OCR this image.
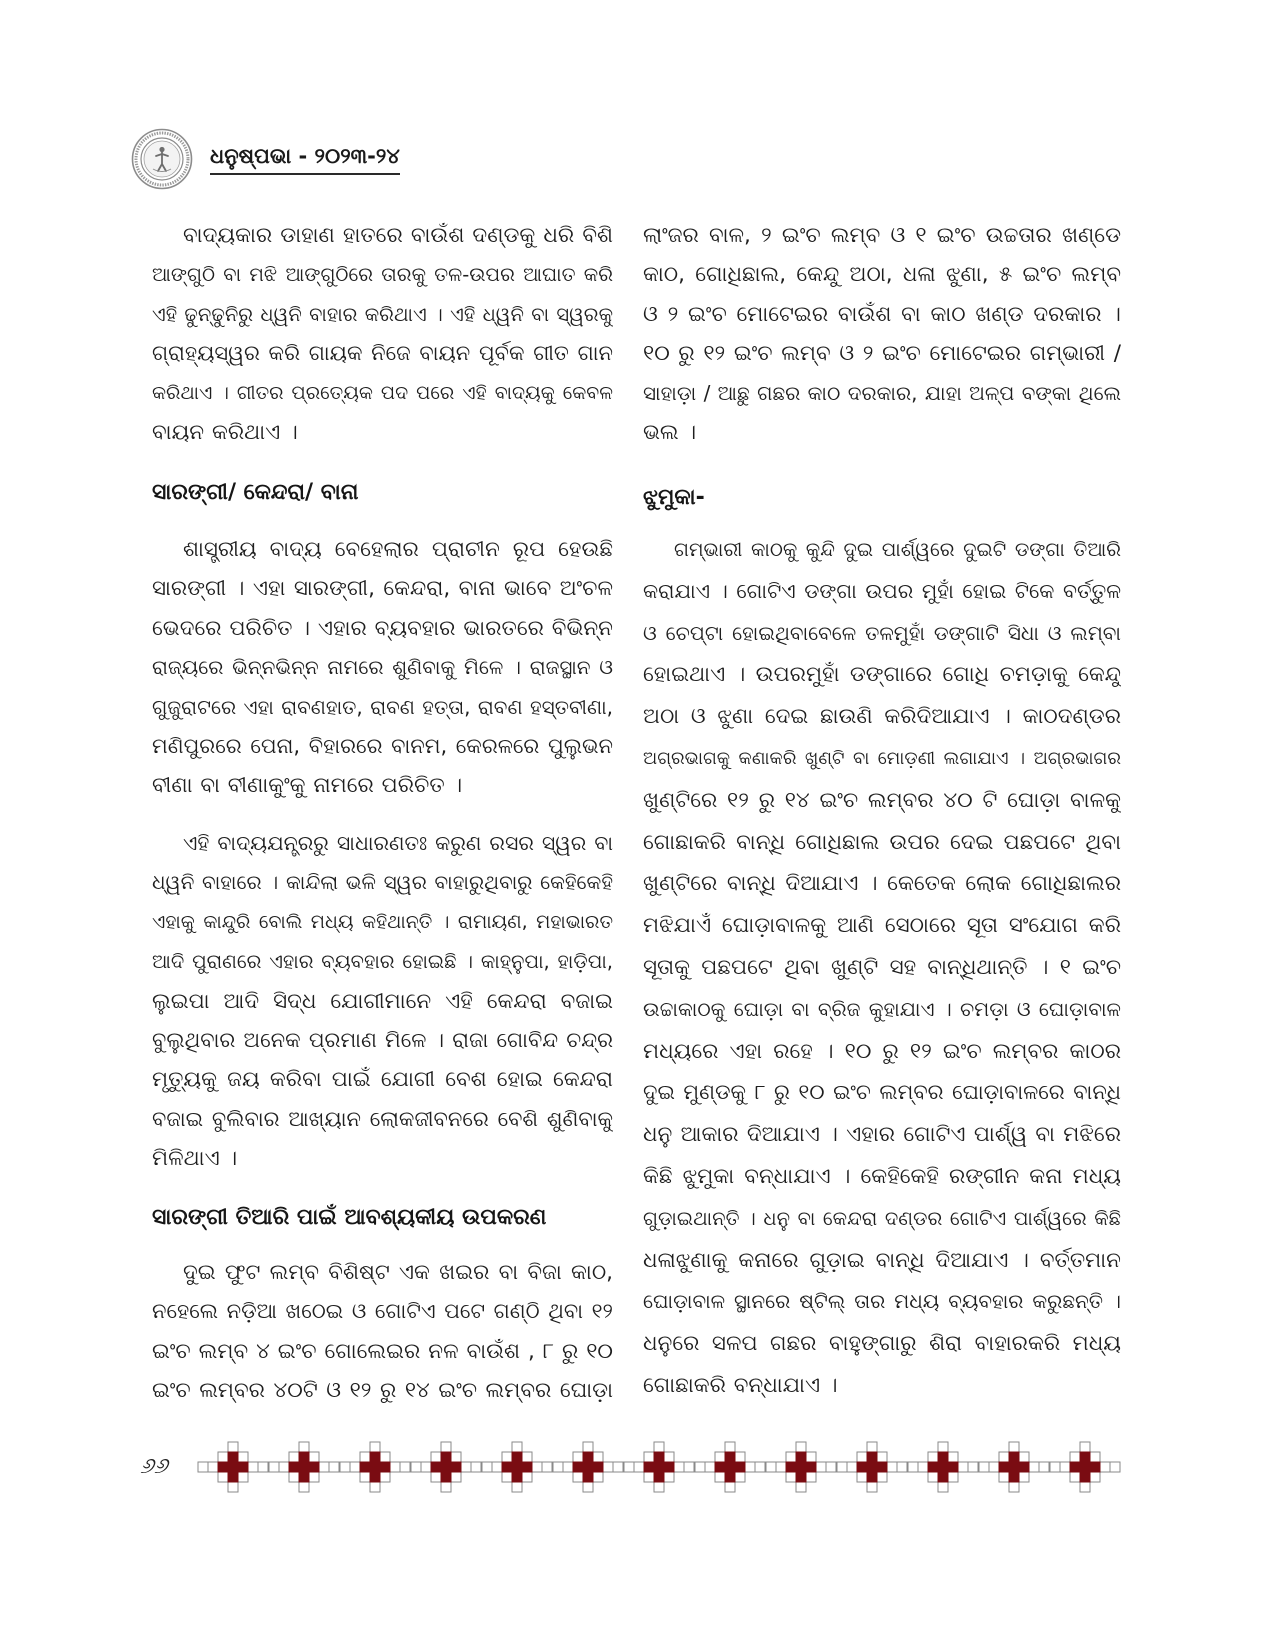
ଧନୁଷ୍ପଭା - ୨୦୨୩-୨୪
ବାଦ୍ୟକାର ଡାହାଣ ହାତରେ ବାଉଁଶ ଦଣ୍ଡକୁ ଧରି ବିଶି
ଆଙ୍ଗୁଠି ବା ମଝି ଆଙ୍ଗୁଠିରେ ତାରକୁ ତଳ-ଉପର ଆଘାତ କରି
ଏହି ଢୁନ୍‌ଢୁନିରୁ ଧ୍ୱନି ବାହାର କରିଥାଏ । ଏହି ଧ୍ୱନି ବା ସ୍ୱରକୁ
ଗ୍ରାହ୍ୟସ୍ୱର କରି ଗାୟକ ନିଜେ ବାୟନ ପୂର୍ବକ ଗୀତ ଗାନ
କରିଥାଏ । ଗୀତର ପ୍ରତ୍ୟେକ ପଦ ପରେ ଏହି ବାଦ୍ୟକୁ କେବଳ
ବାୟନ କରିଥାଏ ।
ସାରଙ୍ଗୀ/ କେନ୍ଦରା/ ବାନା
ଶାସ୍ତ୍ରୀୟ ବାଦ୍ୟ ବେହେଲାର ପ୍ରାଚୀନ ରୂପ ହେଉଛି
ସାରଙ୍ଗୀ । ଏହା ସାରଙ୍ଗୀ, କେନ୍ଦରା, ବାନା ଭାବେ ଅଂଚଳ
ଭେଦରେ ପରିଚିତ । ଏହାର ବ୍ୟବହାର ଭାରତରେ ବିଭିନ୍ନ
ରାଜ୍ୟରେ ଭିନ୍ନଭିନ୍ନ ନାମରେ ଶୁଣିବାକୁ ମିଳେ । ରାଜସ୍ଥାନ ଓ
ଗୁଜୁରାଟରେ ଏହା ରାବଣହାତ, ରାବଣ ହତ୍ତା, ରାବଣ ହସ୍ତବୀଣା,
ମଣିପୁରରେ ପେନା, ବିହାରରେ ବାନମ, କେରଳରେ ପୁଲୁଭନ
ବୀଣା ବା ବୀଣାକୁଂକୁ ନାମରେ ପରିଚିତ ।
ଏହି ବାଦ୍ୟଯନ୍ତ୍ରରୁ ସାଧାରଣତଃ କରୁଣ ରସର ସ୍ୱର ବା
ଧ୍ୱନି ବାହାରେ । କାନ୍ଦିଲା ଭଳି ସ୍ୱର ବାହାରୁଥିବାରୁ କେହିକେହି
ଏହାକୁ କାନ୍ଦୁରି ବୋଲି ମଧ୍ୟ କହିଥାନ୍ତି । ରାମାୟଣ, ମହାଭାରତ
ଆଦି ପୁରାଣରେ ଏହାର ବ୍ୟବହାର ହୋଇଛି । କାହ୍ନୁପା, ହାଡ଼ିପା,
ଲୁଇପା ଆଦି ସିଦ୍ଧ ଯୋଗୀମାନେ ଏହି କେନ୍ଦରା ବଜାଇ
ବୁଲୁଥିବାର ଅନେକ ପ୍ରମାଣ ମିଳେ । ରାଜା ଗୋବିନ୍ଦ ଚନ୍ଦ୍ର
ମୃତ୍ୟୁକୁ ଜୟ କରିବା ପାଇଁ ଯୋଗୀ ବେଶ ହୋଇ କେନ୍ଦରା
ବଜାଇ ବୁଲିବାର ଆଖ୍ୟାନ ଲୋକଜୀବନରେ ବେଶି ଶୁଣିବାକୁ
ମିଳିଥାଏ ।
ସାରଙ୍ଗୀ ତିଆରି ପାଇଁ ଆବଶ୍ୟକୀୟ ଉପକରଣ
ଦୁଇ ଫୁଟ ଲମ୍ବ ବିଶିଷ୍ଟ ଏକ ଖଇର ବା ବିଜା କାଠ,
ନହେଲେ ନଡ଼ିଆ ଖଠେଇ ଓ ଗୋଟିଏ ପଟେ ଗଣ୍ଠି ଥିବା ୧୨
ଇଂଚ ଲମ୍ବ ୪ ଇଂଚ ଗୋଲେଇର ନଳ ବାଉଁଶ , ୮ ରୁ ୧୦
ଇଂଚ ଲମ୍ବର ୪୦ଟି ଓ ୧୨ ରୁ ୧୪ ଇଂଚ ଲମ୍ବର ଘୋଡ଼ା
ଲାଂଜର ବାଳ, ୨ ଇଂଚ ଲମ୍ବ ଓ ୧ ଇଂଚ ଉଚ୍ଚତାର ଖଣ୍ଡେ
କାଠ, ଗୋଧିଛାଲ, କେନ୍ଦୁ ଅଠା, ଧଳା ଝୁଣା, ୫ ଇଂଚ ଲମ୍ବ
ଓ ୨ ଇଂଚ ମୋଟେଇର ବାଉଁଶ ବା କାଠ ଖଣ୍ଡ ଦରକାର ।
୧୦ ରୁ ୧୨ ଇଂଚ ଲମ୍ବ ଓ ୨ ଇଂଚ ମୋଟେଇର ଗମ୍ଭାରୀ /
ସାହାଡ଼ା / ଆଛୁ ଗଛର କାଠ ଦରକାର, ଯାହା ଅଳ୍ପ ବଙ୍କା ଥିଲେ
ଭଲ ।
ଝୁମୁକା-
ଗମ୍ଭାରୀ କାଠକୁ କୁନ୍ଦି ଦୁଇ ପାର୍ଶ୍ୱରେ ଦୁଇଟି ଡଙ୍ଗା ତିଆରି
କରାଯାଏ । ଗୋଟିଏ ଡଙ୍ଗା ଉପର ମୁହାଁ ହୋଇ ଟିକେ ବର୍ତ୍ତୁଳ
ଓ ଚେପ୍‌ଟା ହୋଇଥିବାବେଳେ ତଳମୁହାଁ ଡଙ୍ଗାଟି ସିଧା ଓ ଲମ୍ବା
ହୋଇଥାଏ । ଉପରମୁହାଁ ଡଙ୍ଗାରେ ଗୋଧି ଚମଡ଼ାକୁ କେନ୍ଦୁ
ଅଠା ଓ ଝୁଣା ଦେଇ ଛାଉଣି କରିଦିଆଯାଏ । କାଠଦଣ୍ଡର
ଅଗ୍ରଭାଗକୁ କଣାକରି ଖୁଣ୍ଟି ବା ମୋଡ଼ଣୀ ଲଗାଯାଏ । ଅଗ୍ରଭାଗର
ଖୁଣ୍ଟିରେ ୧୨ ରୁ ୧୪ ଇଂଚ ଲମ୍ବର ୪୦ ଟି ଘୋଡ଼ା ବାଳକୁ
ଗୋଛାକରି ବାନ୍ଧି ଗୋଧିଛାଲ ଉପର ଦେଇ ପଛପଟେ ଥିବା
ଖୁଣ୍ଟିରେ ବାନ୍ଧି ଦିଆଯାଏ । କେତେକ ଲୋକ ଗୋଧିଛାଲର
ମଝିଯାଏଁ ଘୋଡ଼ାବାଳକୁ ଆଣି ସେଠାରେ ସୂତା ସଂଯୋଗ କରି
ସୂତାକୁ ପଛପଟେ ଥିବା ଖୁଣ୍ଟି ସହ ବାନ୍ଧିଥାନ୍ତି । ୧ ଇଂଚ
ଉଚ୍ଚାକାଠକୁ ଘୋଡ଼ା ବା ବ୍ରିଜ କୁହାଯାଏ । ଚମଡ଼ା ଓ ଘୋଡ଼ାବାଳ
ମଧ୍ୟରେ ଏହା ରହେ । ୧୦ ରୁ ୧୨ ଇଂଚ ଲମ୍ବର କାଠର
ଦୁଇ ମୁଣ୍ଡକୁ ୮ ରୁ ୧୦ ଇଂଚ ଲମ୍ବର ଘୋଡ଼ାବାଳରେ ବାନ୍ଧି
ଧନୁ ଆକାର ଦିଆଯାଏ । ଏହାର ଗୋଟିଏ ପାର୍ଶ୍ୱ ବା ମଝିରେ
କିଛି ଝୁମୁକା ବନ୍ଧାଯାଏ । କେହିକେହି ରଙ୍ଗୀନ କନା ମଧ୍ୟ
ଗୁଡ଼ାଇଥାନ୍ତି । ଧନୁ ବା କେନ୍ଦରା ଦଣ୍ଡର ଗୋଟିଏ ପାର୍ଶ୍ୱରେ କିଛି
ଧଳାଝୁଣାକୁ କନାରେ ଗୁଡ଼ାଇ ବାନ୍ଧି ଦିଆଯାଏ । ବର୍ତ୍ତମାନ
ଘୋଡ଼ାବାଳ ସ୍ଥାନରେ ଷ୍ଟିଲ୍ ତାର ମଧ୍ୟ ବ୍ୟବହାର କରୁଛନ୍ତି ।
ଧନୁରେ ସଳପ ଗଛର ବାହୁଙ୍ଗାରୁ ଶିରା ବାହାରକରି ମଧ୍ୟ
ଗୋଛାକରି ବନ୍ଧାଯାଏ ।
୬୬
